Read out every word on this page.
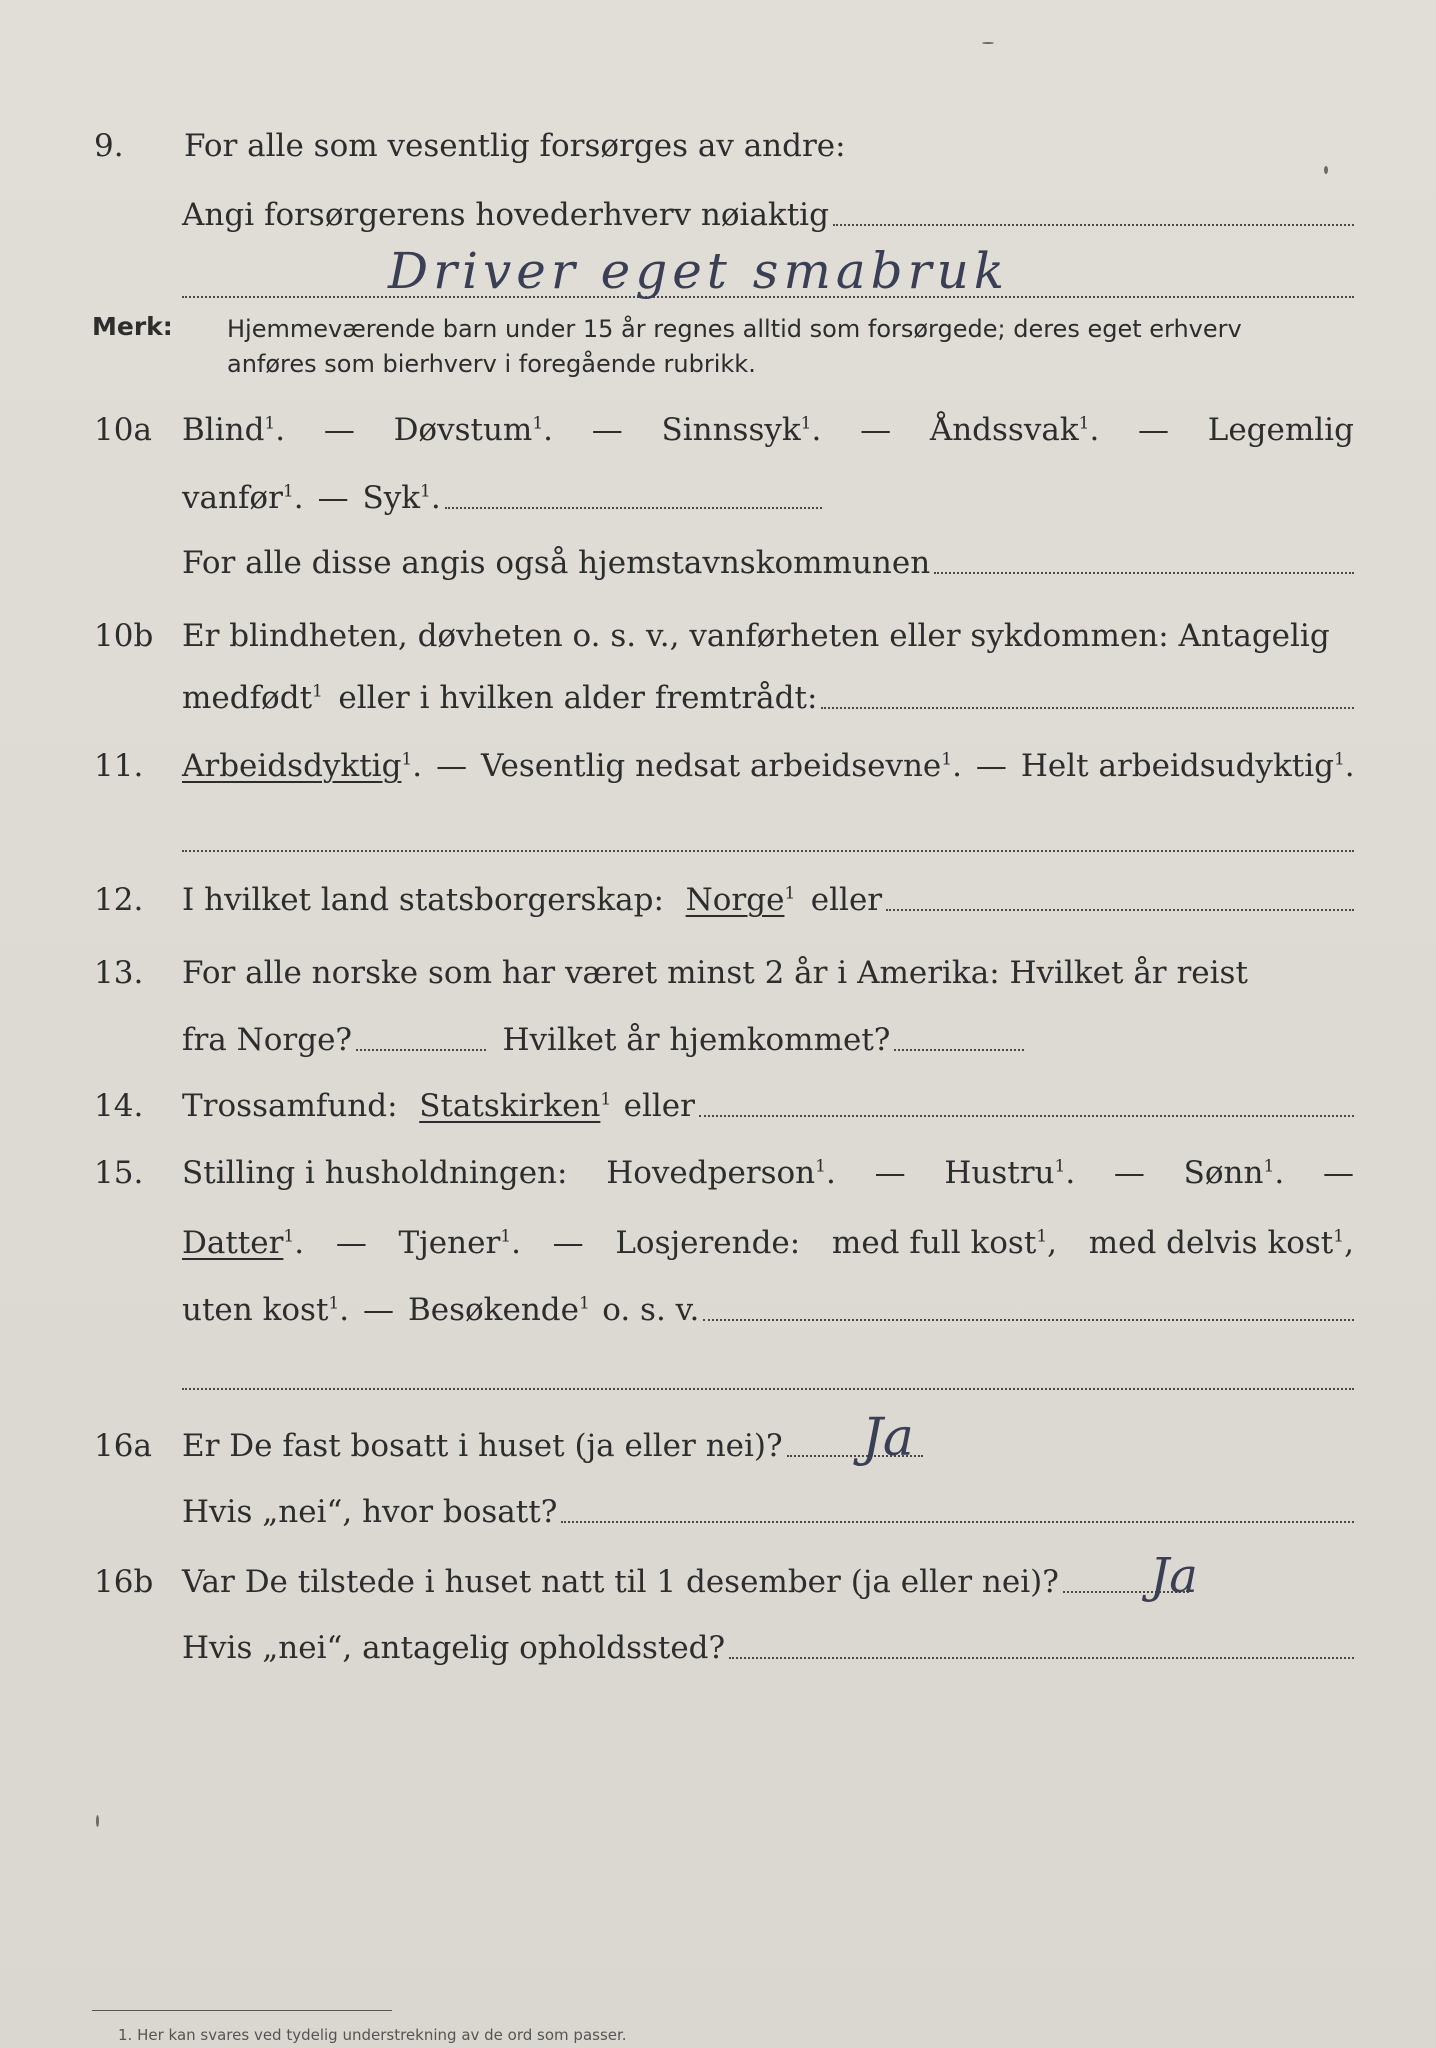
9. For alle som vesentlig forsørges av andre:
Angi forsørgerens hovederhverv nøiaktig
Driver eget smabruk
Merk: Hjemmeværende barn under 15 år regnes alltid som forsørgede; deres eget erhverv
anføres som bierhverv i foregående rubrikk.
10a Blind$^1$. — Døvstum$^1$. — Sinnssyk$^1$. — Åndssvak$^1$. — Legemlig
vanfør$^1$. — Syk$^1$.
For alle disse angis også hjemstavnskommunen
10b Er blindheten, døvheten o. s. v., vanførheten eller sykdommen: Antagelig
medfødt$^1$ eller i hvilken alder fremtrådt:
11. Arbeidsdyktig$^1$. — Vesentlig nedsat arbeidsevne$^1$. — Helt arbeidsudyktig$^1$.
12. I hvilket land statsborgerskap: Norge$^1$ eller
13. For alle norske som har været minst 2 år i Amerika: Hvilket år reist
fra Norge?	Hvilket år hjemkommet?
14. Trossamfund: Statskirken$^1$ eller
15. Stilling i husholdningen: Hovedperson$^1$. — Hustru$^1$. — Sønn$^1$. —
Datter$^1$. — Tjener$^1$. — Losjerende: med full kost$^1$, med delvis kost$^1$,
uten kost$^1$. — Besøkende$^1$ o. s. v.
16a Er De fast bosatt i huset (ja eller nei)? Ja
Hvis „nei“, hvor bosatt?
16b Var De tilstede i huset natt til 1 desember (ja eller nei)? Ja
Hvis „nei“, antagelig opholdssted?
1. Her kan svares ved tydelig understrekning av de ord som passer.
